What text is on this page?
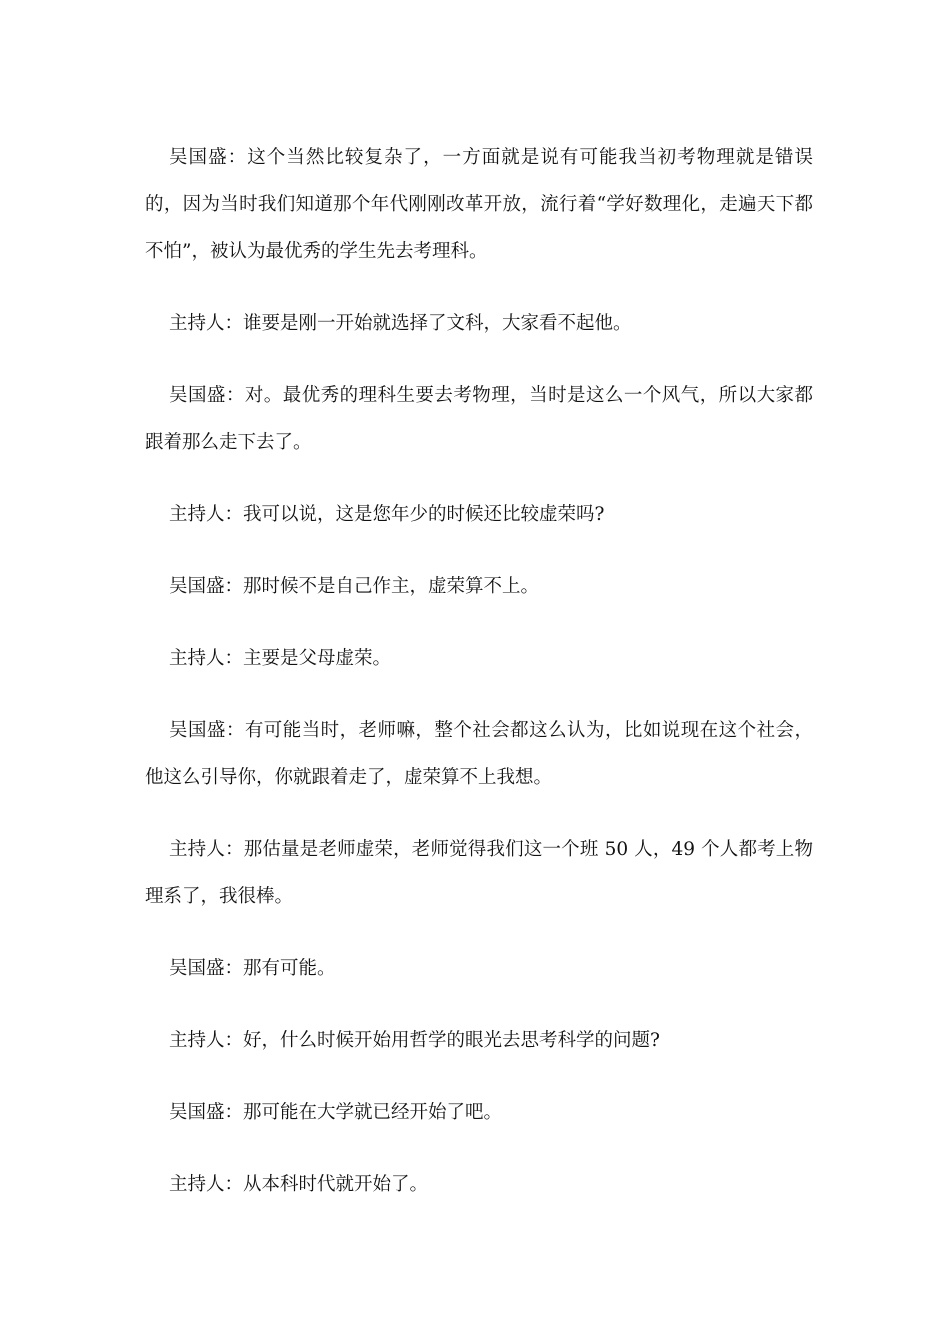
吴国盛：这个当然比较复杂了，一方面就是说有可能我当初考物理就是错误的，因为当时我们知道那个年代刚刚改革开放，流行着“学好数理化，走遍天下都不怕”，被认为最优秀的学生先去考理科。

主持人：谁要是刚一开始就选择了文科，大家看不起他。

吴国盛：对。最优秀的理科生要去考物理，当时是这么一个风气，所以大家都跟着那么走下去了。

主持人：我可以说，这是您年少的时候还比较虚荣吗?

吴国盛：那时候不是自己作主，虚荣算不上。

主持人：主要是父母虚荣。

吴国盛：有可能当时，老师嘛，整个社会都这么认为，比如说现在这个社会，他这么引导你，你就跟着走了，虚荣算不上我想。

主持人：那估量是老师虚荣，老师觉得我们这一个班 50 人，49 个人都考上物理系了，我很棒。

吴国盛：那有可能。

主持人：好，什么时候开始用哲学的眼光去思考科学的问题?

吴国盛：那可能在大学就已经开始了吧。

主持人：从本科时代就开始了。
